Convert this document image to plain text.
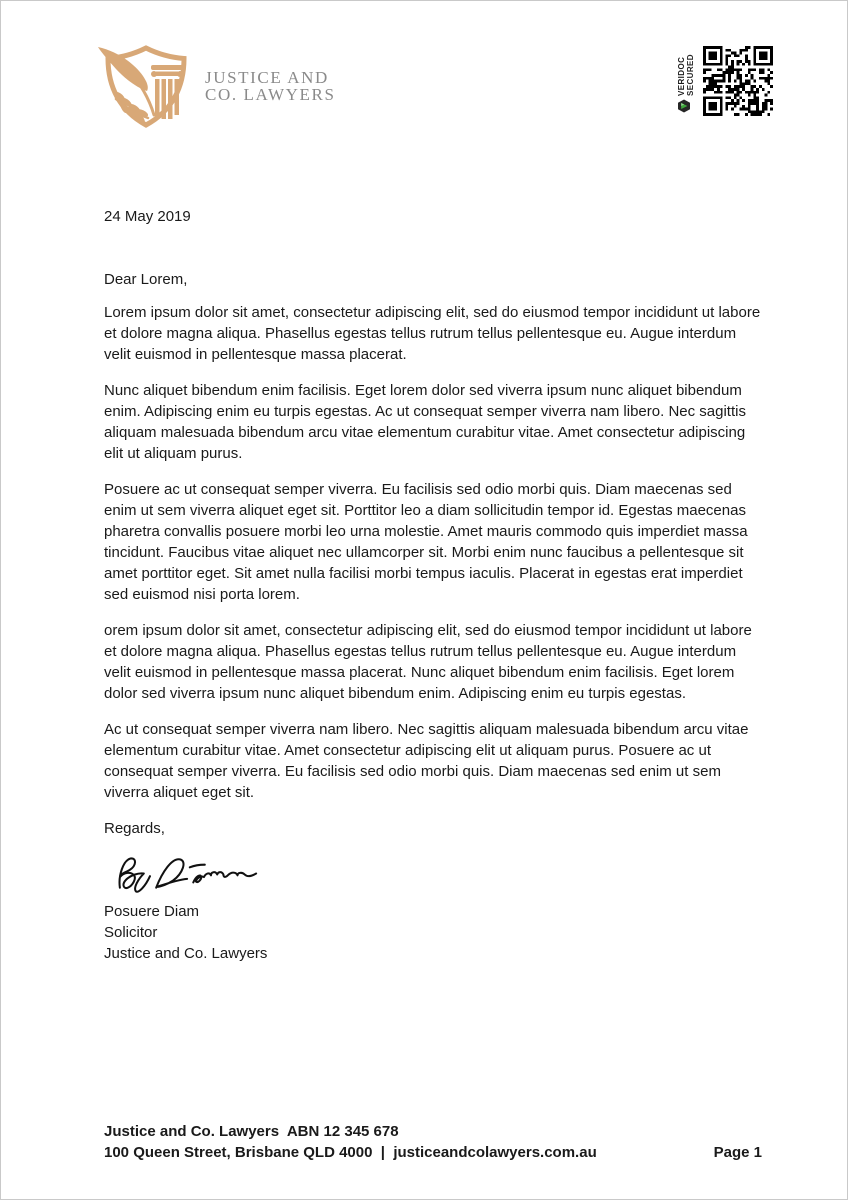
JUSTICE AND
CO. LAWYERS	VERIDOC
SECURED

24 May 2019

Dear Lorem,

Lorem ipsum dolor sit amet, consectetur adipiscing elit, sed do eiusmod tempor incididunt ut labore et dolore magna aliqua. Phasellus egestas tellus rutrum tellus pellentesque eu. Augue interdum velit euismod in pellentesque massa placerat.

Nunc aliquet bibendum enim facilisis. Eget lorem dolor sed viverra ipsum nunc aliquet bibendum enim. Adipiscing enim eu turpis egestas. Ac ut consequat semper viverra nam libero. Nec sagittis aliquam malesuada bibendum arcu vitae elementum curabitur vitae. Amet consectetur adipiscing elit ut aliquam purus.

Posuere ac ut consequat semper viverra. Eu facilisis sed odio morbi quis. Diam maecenas sed enim ut sem viverra aliquet eget sit. Porttitor leo a diam sollicitudin tempor id. Egestas maecenas pharetra convallis posuere morbi leo urna molestie. Amet mauris commodo quis imperdiet massa tincidunt. Faucibus vitae aliquet nec ullamcorper sit. Morbi enim nunc faucibus a pellentesque sit amet porttitor eget. Sit amet nulla facilisi morbi tempus iaculis. Placerat in egestas erat imperdiet sed euismod nisi porta lorem.

orem ipsum dolor sit amet, consectetur adipiscing elit, sed do eiusmod tempor incididunt ut labore et dolore magna aliqua. Phasellus egestas tellus rutrum tellus pellentesque eu. Augue interdum velit euismod in pellentesque massa placerat. Nunc aliquet bibendum enim facilisis. Eget lorem dolor sed viverra ipsum nunc aliquet bibendum enim. Adipiscing enim eu turpis egestas.

Ac ut consequat semper viverra nam libero. Nec sagittis aliquam malesuada bibendum arcu vitae elementum curabitur vitae. Amet consectetur adipiscing elit ut aliquam purus. Posuere ac ut consequat semper viverra. Eu facilisis sed odio morbi quis. Diam maecenas sed enim ut sem viverra aliquet eget sit.

Regards,

Posuere Diam
Solicitor
Justice and Co. Lawyers
Justice and Co. Lawyers  ABN 12 345 678
100 Queen Street, Brisbane QLD 4000  |  justiceandcolawyers.com.au	Page 1
